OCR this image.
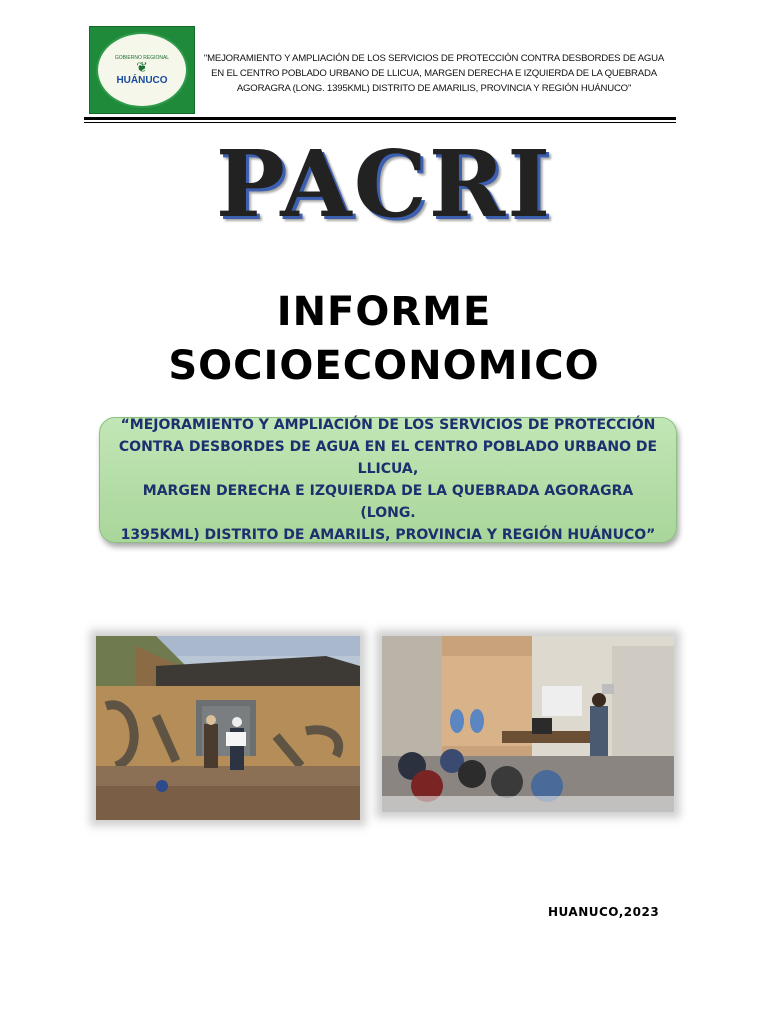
GOBIERNO REGIONAL
❦
HUÁNUCO
"MEJORAMIENTO Y AMPLIACIÓN DE LOS SERVICIOS DE PROTECCIÓN CONTRA DESBORDES DE AGUA
EN EL CENTRO POBLADO URBANO DE LLICUA, MARGEN DERECHA E IZQUIERDA DE LA QUEBRADA
AGORAGRA (LONG. 1395KML) DISTRITO DE AMARILIS, PROVINCIA Y REGIÓN HUÁNUCO"
PACRI
INFORME
SOCIOECONOMICO
“MEJORAMIENTO Y AMPLIACIÓN DE LOS SERVICIOS DE PROTECCIÓN
CONTRA DESBORDES DE AGUA EN EL CENTRO POBLADO URBANO DE LLICUA,
MARGEN DERECHA E IZQUIERDA DE LA QUEBRADA AGORAGRA (LONG.
1395KML) DISTRITO DE AMARILIS, PROVINCIA Y REGIÓN HUÁNUCO”
HUANUCO,2023
